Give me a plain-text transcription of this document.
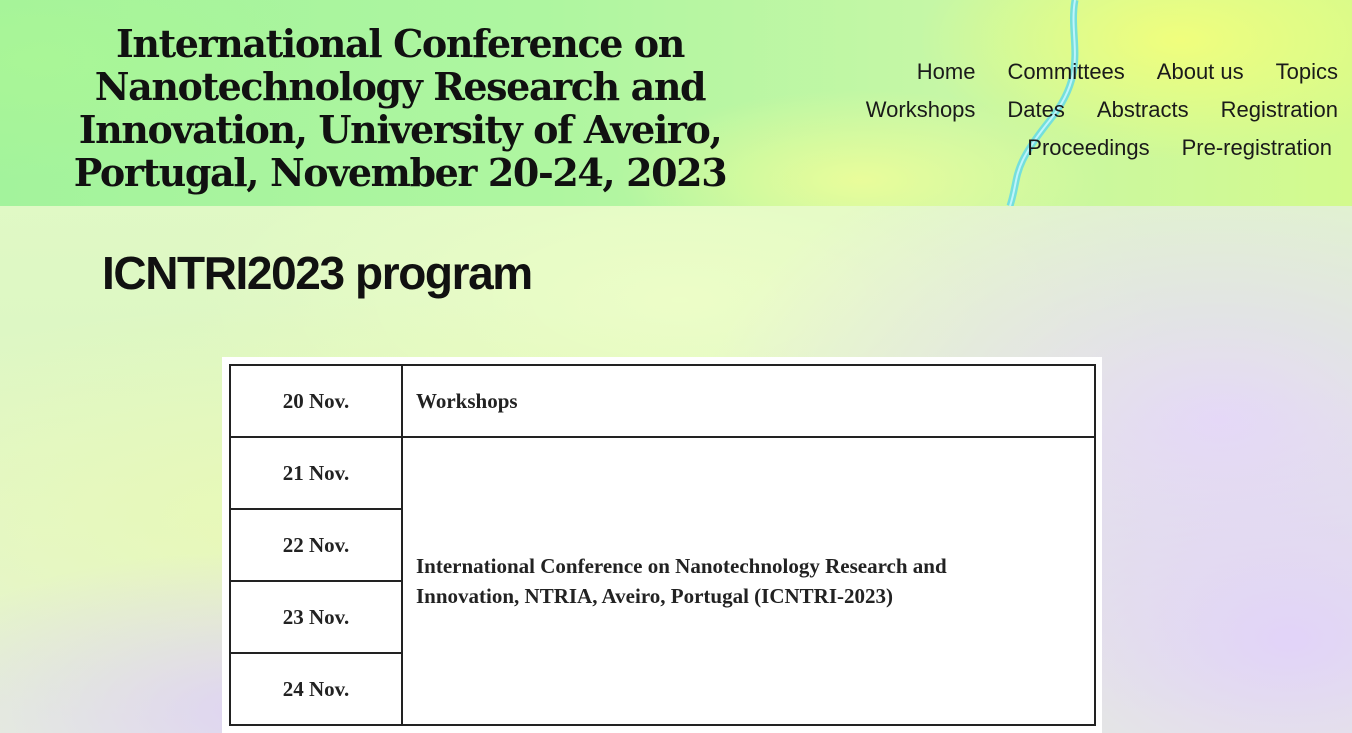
International Conference on Nanotechnology Research and Innovation, University of Aveiro, Portugal, November 20-24, 2023
Home Committees About us Topics
Workshops Dates Abstracts Registration
Proceedings Pre-registration
ICNTRI2023 program
20 Nov.	Workshops
21 Nov.	International Conference on Nanotechnology Research and Innovation, NTRIA, Aveiro, Portugal (ICNTRI-2023)
22 Nov.	
23 Nov.	
24 Nov.	
